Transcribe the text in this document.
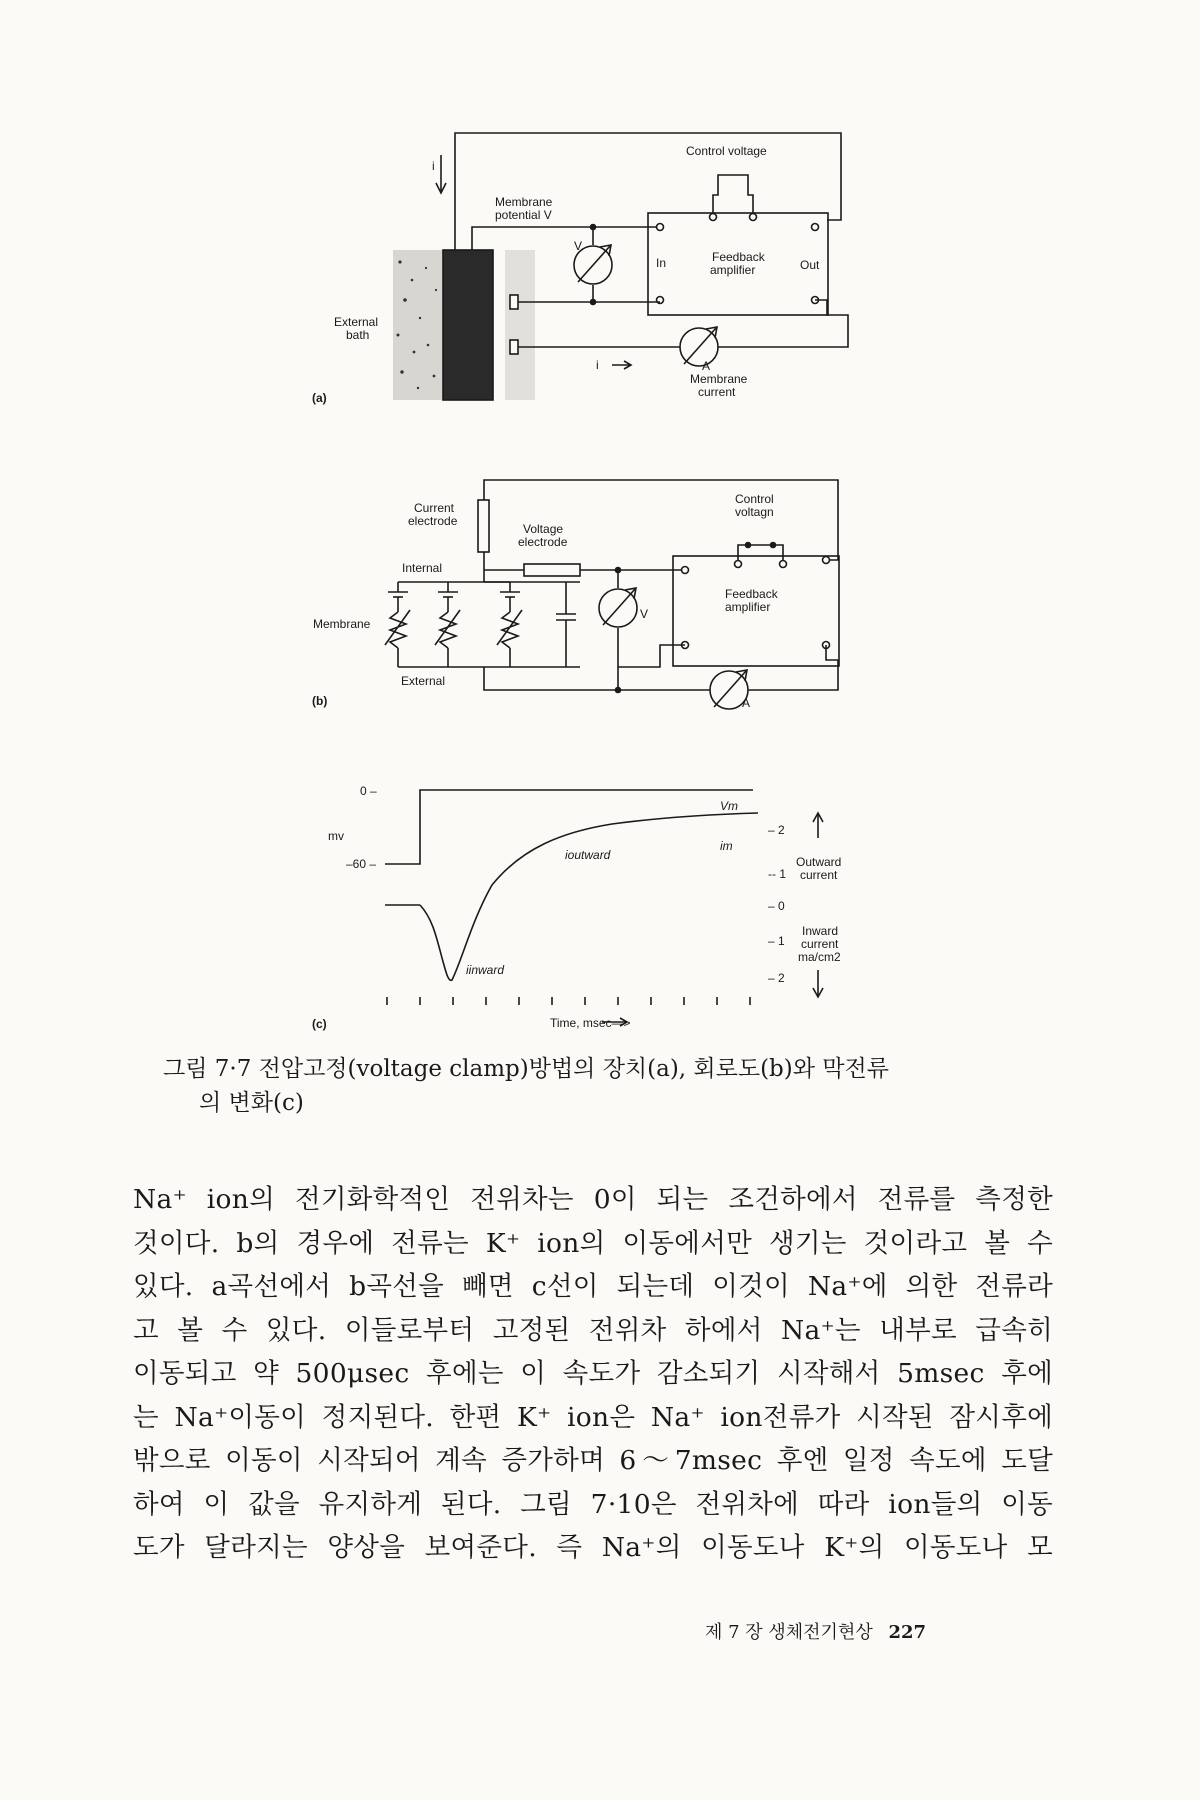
Control voltage
Membrane
potential V
External
bath
In	Out
Feedback
amplifier
V
A
Membrane
current
i
i
(a)
Current
electrode
Voltage
electrode
Control
voltagn
Feedback
amplifier
Internal
External
Membrane
V
A
(b)
0 –
mv
–60 –
Vm
im
ioutward
iinward
– 2
-- 1
– 0
– 1
– 2
Outward
current
Inward
current
ma/cm2
Time, msec—>
(c)
그림 7·7 전압고정(voltage clamp)방법의 장치(a), 회로도(b)와 막전류
의 변화(c)

Na⁺ ion의 전기화학적인 전위차는 0이 되는 조건하에서 전류를 측정한

것이다. b의 경우에 전류는 K⁺ ion의 이동에서만 생기는 것이라고 볼 수

있다. a곡선에서 b곡선을 빼면 c선이 되는데 이것이 Na⁺에 의한 전류라

고 볼 수 있다. 이들로부터 고정된 전위차 하에서 Na⁺는 내부로 급속히

이동되고 약 500μsec 후에는 이 속도가 감소되기 시작해서 5msec 후에

는 Na⁺이동이 정지된다. 한편 K⁺ ion은 Na⁺ ion전류가 시작된 잠시후에

밖으로 이동이 시작되어 계속 증가하며 6～7msec 후엔 일정 속도에 도달

하여 이 값을 유지하게 된다. 그림 7·10은 전위차에 따라 ion들의 이동

도가 달라지는 양상을 보여준다. 즉 Na⁺의 이동도나 K⁺의 이동도나 모

제 7 장 생체전기현상 227
